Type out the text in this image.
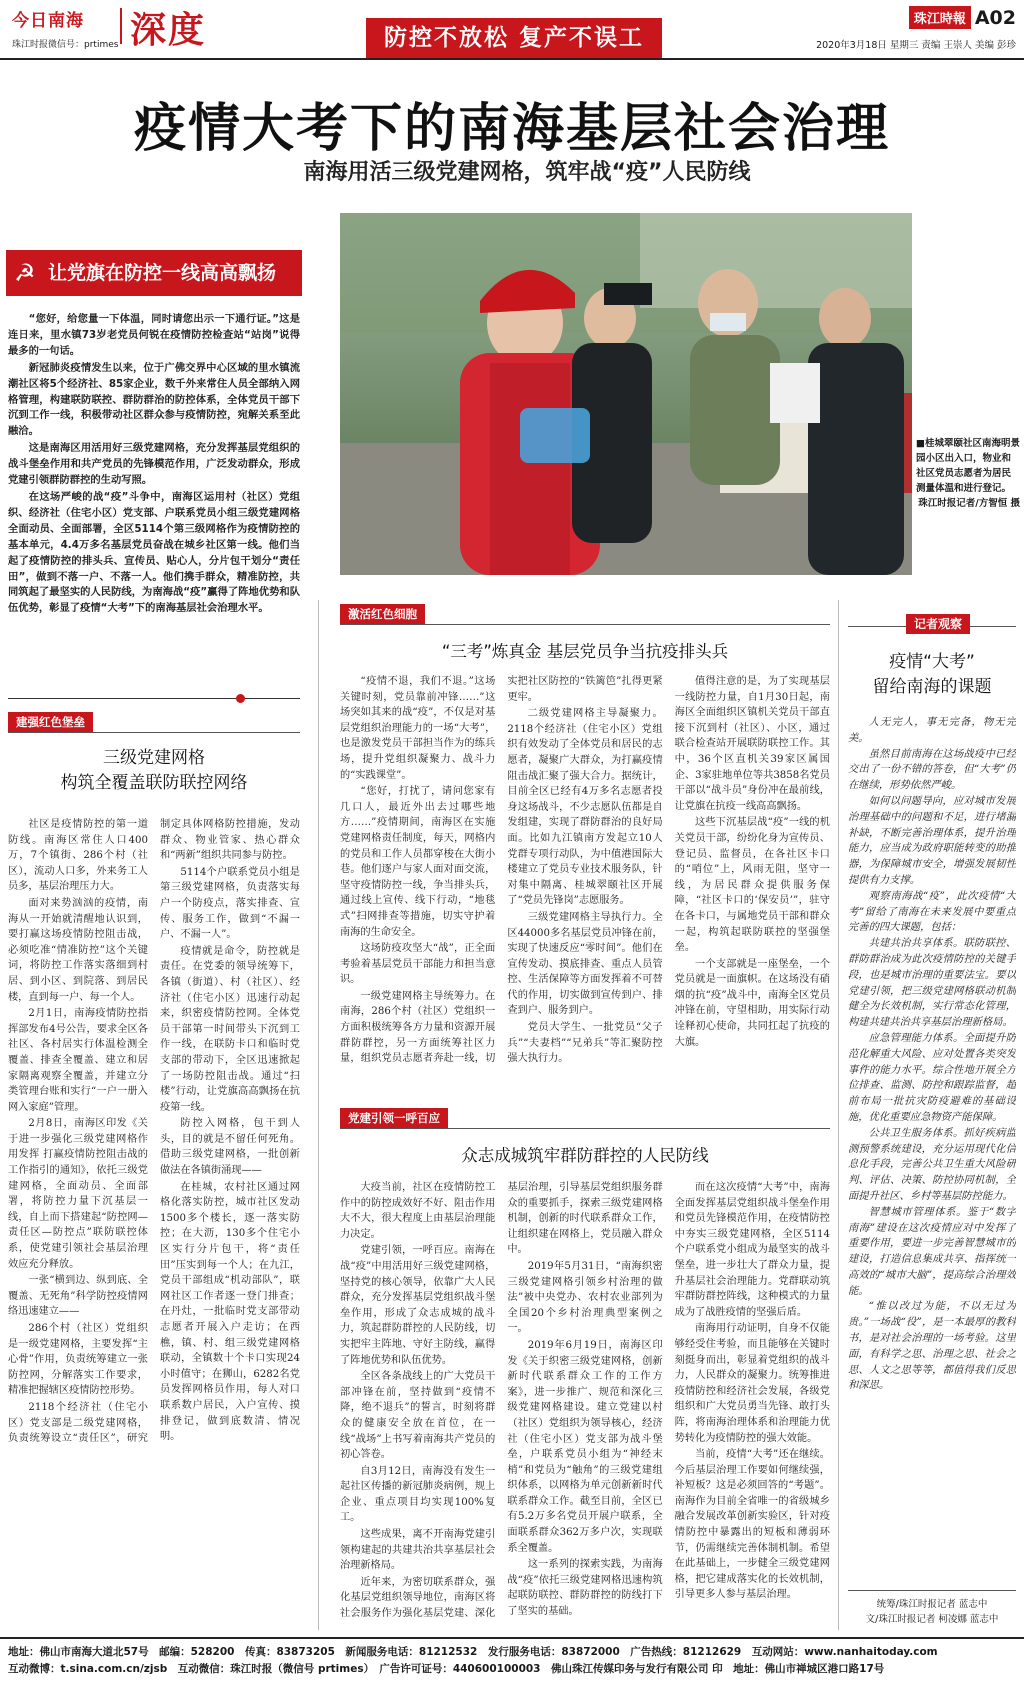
今日南海
珠江时报微信号：prtimes 深度	防控不放松 复产不误工
珠江時報 A02
2020年3月18日 星期三 责编 王崇人 美编 彭珍
疫情大考下的南海基层社会治理
南海用活三级党建网格，筑牢战“疫”人民防线
☭ 让党旗在防控一线高高飘扬

“您好，给您量一下体温，同时请您出示一下通行证。”这是连日来，里水镇73岁老党员何锐在疫情防控检查站“站岗”说得最多的一句话。

新冠肺炎疫情发生以来，位于广佛交界中心区域的里水镇流潮社区将5个经济社、85家企业，数千外来常住人员全部纳入网格管理，构建联防联控、群防群治的防控体系，全体党员干部下沉到工作一线，积极带动社区群众参与疫情防控，宛解关系至此融洽。

这是南海区用活用好三级党建网格，充分发挥基层党组织的战斗堡垒作用和共产党员的先锋模范作用，广泛发动群众，形成党建引领群防群控的生动写照。

在这场严峻的战“疫”斗争中，南海区运用村（社区）党组织、经济社（住宅小区）党支部、户联系党员小组三级党建网格全面动员、全面部署，全区5114个第三级网格作为疫情防控的基本单元，4.4万多名基层党员奋战在城乡社区第一线。他们当起了疫情防控的排头兵、宣传员、贴心人，分片包干划分“责任田”，做到不落一户、不落一人。他们携手群众，精准防控，共同筑起了最坚实的人民防线，为南海战“疫”赢得了阵地优势和队伍优势，彰显了疫情“大考”下的南海基层社会治理水平。

■桂城翠颐社区南海明景园小区出入口，物业和社区党员志愿者为居民测量体温和进行登记。
珠江时报记者/方智恒 摄
建强红色堡垒
三级党建网格
构筑全覆盖联防联控网络

社区是疫情防控的第一道防线。南海区常住人口400万，7个镇街、286个村（社区），流动人口多，外来务工人员多，基层治理压力大。

面对来势汹汹的疫情，南海从一开始就清醒地认识到，要打赢这场疫情防控阻击战，必须吃准“情准防控”这个关键词，将防控工作落实落细到村居、到小区、到院落、到居民楼，直到每一户、每一个人。

2月1日，南海疫情防控指挥部发布4号公告，要求全区各社区、各村居实行体温检测全覆盖、排查全覆盖、建立和居家隔离观察全覆盖，并建立分类管理台账和实行“一户一册入网入家庭”管理。

2月8日，南海区印发《关于进一步强化三级党建网格作用发挥 打赢疫情防控阻击战的工作指引的通知》，依托三级党建网格，全面动员、全面部署，将防控力量下沉基层一线，自上而下搭建起“防控网—责任区—防控点”联防联控体系，使党建引领社会基层治理效应充分释放。

一张“横到边、纵到底、全覆盖、无死角”科学防控疫情网络迅速建立——

286个村（社区）党组织是一级党建网格，主要发挥“主心骨”作用，负责统筹建立一张防控网，分解落实工作要求，精准把握辖区疫情防控形势。

2118个经济社（住宅小区）党支部是二级党建网格，负责统筹设立“责任区”，研究制定具体网格防控措施，发动群众、物业管家、热心群众和“两新”组织共同参与防控。

5114个户联系党员小组是第三级党建网格，负责落实每户一个防疫点，落实排查、宣传、服务工作，做到“不漏一户、不漏一人”。

疫情就是命令，防控就是责任。在党委的领导统筹下，各镇（街道）、村（社区）、经济社（住宅小区）迅速行动起来，织密疫情防控网。全体党员干部第一时间带头下沉到工作一线，在联防卡口和临时党支部的带动下，全区迅速掀起了一场防控阻击战。通过“扫楼”行动，让党旗高高飘扬在抗疫第一线。

防控入网格，包干到人头，目的就是不留任何死角。借助三级党建网格，一批创新做法在各镇街涌现——

在桂城，农村社区通过网格化落实防控，城市社区发动1500多个楼长，逐一落实防控；在大沥，130多个住宅小区实行分片包干，将“责任田”压实到每一个人；在九江，党员干部组成“机动部队”，联网社区工作者逐一登门排查；在丹灶，一批临时党支部带动志愿者开展入户走访；在西樵，镇、村、组三级党建网格联动，全镇数十个卡口实现24小时值守；在狮山，6282名党员发挥网格员作用，每人对口联系数户居民，入户宣传、摸排登记，做到底数清、情况明。

激活红色细胞
“三考”炼真金 基层党员争当抗疫排头兵

“疫情不退，我们不退。”这场关键时刻，党员靠前冲锋……”这场突如其来的战“疫”，不仅是对基层党组织治理能力的一场“大考”，也是激发党员干部担当作为的练兵场，提升党组织凝聚力、战斗力的“实践课堂”。

“您好，打扰了，请问您家有几口人，最近外出去过哪些地方……”疫情期间，南海区在实施党建网格责任制度，每天，网格内的党员和工作人员都穿梭在大街小巷。他们逐户与家人面对面交流，坚守疫情防控一线，争当排头兵，通过线上宣传、线下行动，“地毯式”扫网排查等措施，切实守护着南海的生命安全。

这场防疫攻坚大“战”，正全面考验着基层党员干部能力和担当意识。

一级党建网格主导统筹力。在南海，286个村（社区）党组织一方面积极统筹各方力量和资源开展群防群控，另一方面统筹社区力量，组织党员志愿者奔赴一线，切实把社区防控的“铁篱笆”扎得更紧更牢。

二级党建网格主导凝聚力。2118个经济社（住宅小区）党组织有效发动了全体党员和居民的志愿者，凝聚广大群众，为打赢疫情阻击战汇聚了强大合力。据统计，目前全区已经有4万多名志愿者投身这场战斗，不少志愿队伍都是自发组建，实现了群防群治的良好局面。比如九江镇南方发起立10人党群专项行动队，为中值港国际大楼建立了党员专业技术服务队，针对集中隔离、桂城翠颐社区开展了“党员先锋岗”志愿服务。

三级党建网格主导执行力。全区44000多名基层党员冲锋在前，实现了快速反应“零时间”。他们在宣传发动、摸底排查、重点人员管控、生活保障等方面发挥着不可替代的作用，切实做到宣传到户、排查到户、服务到户。

党员大学生、一批党员“父子兵”“夫妻档”“兄弟兵”等汇聚防控强大执行力。

值得注意的是，为了实现基层一线防控力量，自1月30日起，南海区全面组织区镇机关党员干部直接下沉到村（社区）、小区，通过联合检查站开展联防联控工作。其中，36个区直机关39家区属国企、3家驻地单位等共3858名党员干部以“战斗员”身份冲在最前线，让党旗在抗疫一线高高飘扬。

这些下沉基层战“疫”一线的机关党员干部，纷纷化身为宣传员、登记员、监督员，在各社区卡口的“哨位”上，风雨无阻，坚守一线，为居民群众提供服务保障，“社区卡口的‘保安员’”，驻守在各卡口，与属地党员干部和群众一起，构筑起联防联控的坚强堡垒。

一个支部就是一座堡垒，一个党员就是一面旗帜。在这场没有硝烟的抗“疫”战斗中，南海全区党员冲锋在前，守望相助，用实际行动诠释初心使命，共同扛起了抗疫的大旗。

党建引领一呼百应
众志成城筑牢群防群控的人民防线

大疫当前，社区在疫情防控工作中的防控成效好不好、阻击作用大不大，很大程度上由基层治理能力决定。

党建引领，一呼百应。南海在战“疫”中用活用好三级党建网格，坚持党的核心领导，依靠广大人民群众，充分发挥基层党组织战斗堡垒作用，形成了众志成城的战斗力，筑起群防群控的人民防线，切实把牢主阵地、守好主防线，赢得了阵地优势和队伍优势。

全区各条战线上的广大党员干部冲锋在前，坚持做到“疫情不降，绝不退兵”的誓言，时刻将群众的健康安全放在首位，在一线“战场”上书写着南海共产党员的初心答卷。

自3月12日，南海没有发生一起社区传播的新冠肺炎病例，规上企业、重点项目均实现100%复工。

这些成果，离不开南海党建引领构建起的共建共治共享基层社会治理新格局。

近年来，为密切联系群众，强化基层党组织领导地位，南海区将社会服务作为强化基层党建、深化基层治理，引导基层党组织服务群众的重要抓手，探索三级党建网格机制，创新的时代联系群众工作，让组织建在网格上，党员融入群众中。

2019年5月31日，“南海织密三级党建网格引领乡村治理的做法”被中央党办、农村农业部列为全国20个乡村治理典型案例之一。

2019年6月19日，南海区印发《关于织密三级党建网格，创新新时代联系群众工作的工作方案》，进一步推广、规范和深化三级党建网格建设。建立党建以村（社区）党组织为领导核心，经济社（住宅小区）党支部为战斗堡垒，户联系党员小组为“神经末梢”和党员为“触角”的三级党建组织体系，以网格为单元创新新时代联系群众工作。截至目前，全区已有5.2万多名党员开展户联系，全面联系群众362万多户次，实现联系全覆盖。

这一系列的探索实践，为南海战“疫”依托三级党建网格迅速构筑起联防联控、群防群控的防线打下了坚实的基础。

而在这次疫情“大考”中，南海全面发挥基层党组织战斗堡垒作用和党员先锋模范作用，在疫情防控中夯实三级党建网格，全区5114个户联系党小组成为最坚实的战斗堡垒，进一步壮大了群众力量，提升基层社会治理能力。党群联动筑牢群防群控阵线，这种模式的力量成为了战胜疫情的坚强后盾。

南海用行动证明，自身不仅能够经受住考验，而且能够在关键时刻挺身而出，彰显着党组织的战斗力，人民群众的凝聚力。统筹推进疫情防控和经济社会发展，各级党组织和广大党员勇当先锋、敢打头阵，将南海治理体系和治理能力优势转化为疫情防控的强大效能。

当前，疫情“大考”还在继续。今后基层治理工作要如何继续强，补短板？这是必须回答的“考题”。南海作为目前全省唯一的省级城乡融合发展改革创新实验区，针对疫情防控中暴露出的短板和薄弱环节，仍需继续完善体制机制。希望在此基础上，一步健全三级党建网格，把它建成落实化的长效机制，引导更多人参与基层治理。

记者观察
疫情“大考”
留给南海的课题

人无完人，事无完备，物无完美。

虽然目前南海在这场战疫中已经交出了一份不错的答卷，但“大考”仍在继续，形势依然严峻。

如何以问题导向，应对城市发展治理基础中的问题和不足，进行堵漏补缺，不断完善治理体系，提升治理能力，应当成为政府职能转变的助推器，为保障城市安全，增强发展韧性提供有力支撑。

观察南海战“疫”，此次疫情“大考”留给了南海在未来发展中要重点完善的四大课题，包括：

共建共治共享体系。联防联控、群防群治成为此次疫情防控的关键手段，也是城市治理的重要法宝。要以党建引领，把三级党建网格联动机制健全为长效机制，实行常态化管理，构建共建共治共享基层治理新格局。

应急管理能力体系。全面提升防范化解重大风险、应对处置各类突发事件的能力水平。综合性地开展全方位排查、监测、防控和跟踪监督，超前布局一批抗灾防疫避难的基础设施，优化重要应急物资产能保障。

公共卫生服务体系。抓好疾病监测预警系统建设，充分运用现代化信息化手段，完善公共卫生重大风险研判、评估、决策、防控协同机制，全面提升社区、乡村等基层防控能力。

智慧城市管理体系。鉴于“数字南海”建设在这次疫情应对中发挥了重要作用，要进一步完善智慧城市的建设，打造信息集成共享、指挥统一高效的“城市大脑”，提高综合治理效能。

“惟以改过为能，不以无过为贵。”一场战“役”，是一本最厚的教科书，是对社会治理的一场考验。这里面，有科学之思、治理之思、社会之思、人文之思等等，都值得我们反思和深思。

统筹/珠江时报记者 蓝志中
文/珠江时报记者 柯凌娜 蓝志中
地址：佛山市南海大道北57号　邮编：528200　传真：83873205　新闻服务电话：81212532　发行服务电话：83872000　广告热线：81212629　互动网站：www.nanhaitoday.com
互动微博：t.sina.com.cn/zjsb　互动微信：珠江时报（微信号 prtimes）　广告许可证号：440600100003　佛山珠江传媒印务与发行有限公司 印　地址：佛山市禅城区港口路17号
